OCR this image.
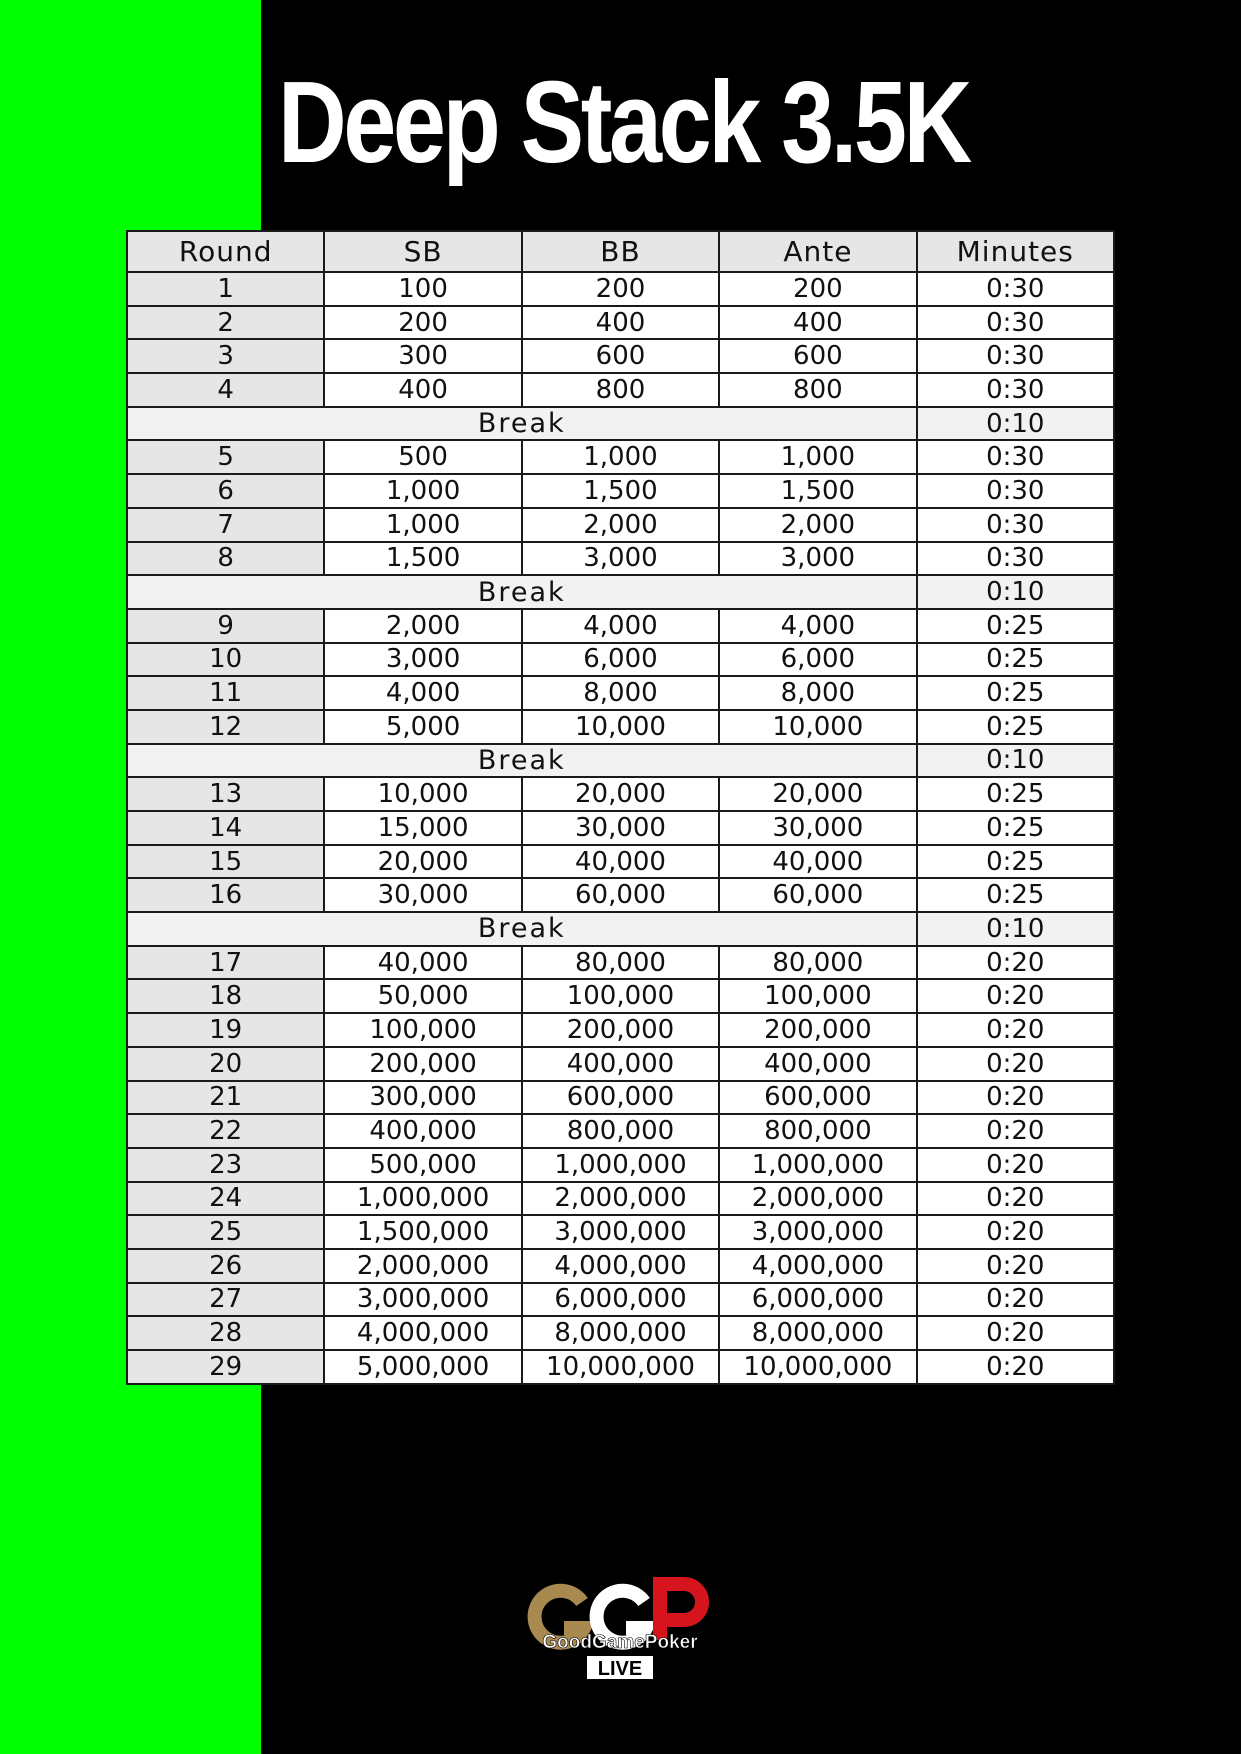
Deep Stack 3.5K
Round	SB	BB	Ante	Minutes
1	100	200	200	0:30
2	200	400	400	0:30
3	300	600	600	0:30
4	400	800	800	0:30
Break				0:10
5	500	1,000	1,000	0:30
6	1,000	1,500	1,500	0:30
7	1,000	2,000	2,000	0:30
8	1,500	3,000	3,000	0:30
Break				0:10
9	2,000	4,000	4,000	0:25
10	3,000	6,000	6,000	0:25
11	4,000	8,000	8,000	0:25
12	5,000	10,000	10,000	0:25
Break				0:10
13	10,000	20,000	20,000	0:25
14	15,000	30,000	30,000	0:25
15	20,000	40,000	40,000	0:25
16	30,000	60,000	60,000	0:25
Break				0:10
17	40,000	80,000	80,000	0:20
18	50,000	100,000	100,000	0:20
19	100,000	200,000	200,000	0:20
20	200,000	400,000	400,000	0:20
21	300,000	600,000	600,000	0:20
22	400,000	800,000	800,000	0:20
23	500,000	1,000,000	1,000,000	0:20
24	1,000,000	2,000,000	2,000,000	0:20
25	1,500,000	3,000,000	3,000,000	0:20
26	2,000,000	4,000,000	4,000,000	0:20
27	3,000,000	6,000,000	6,000,000	0:20
28	4,000,000	8,000,000	8,000,000	0:20
29	5,000,000	10,000,000	10,000,000	0:20
GoodGamePoker
LIVE
